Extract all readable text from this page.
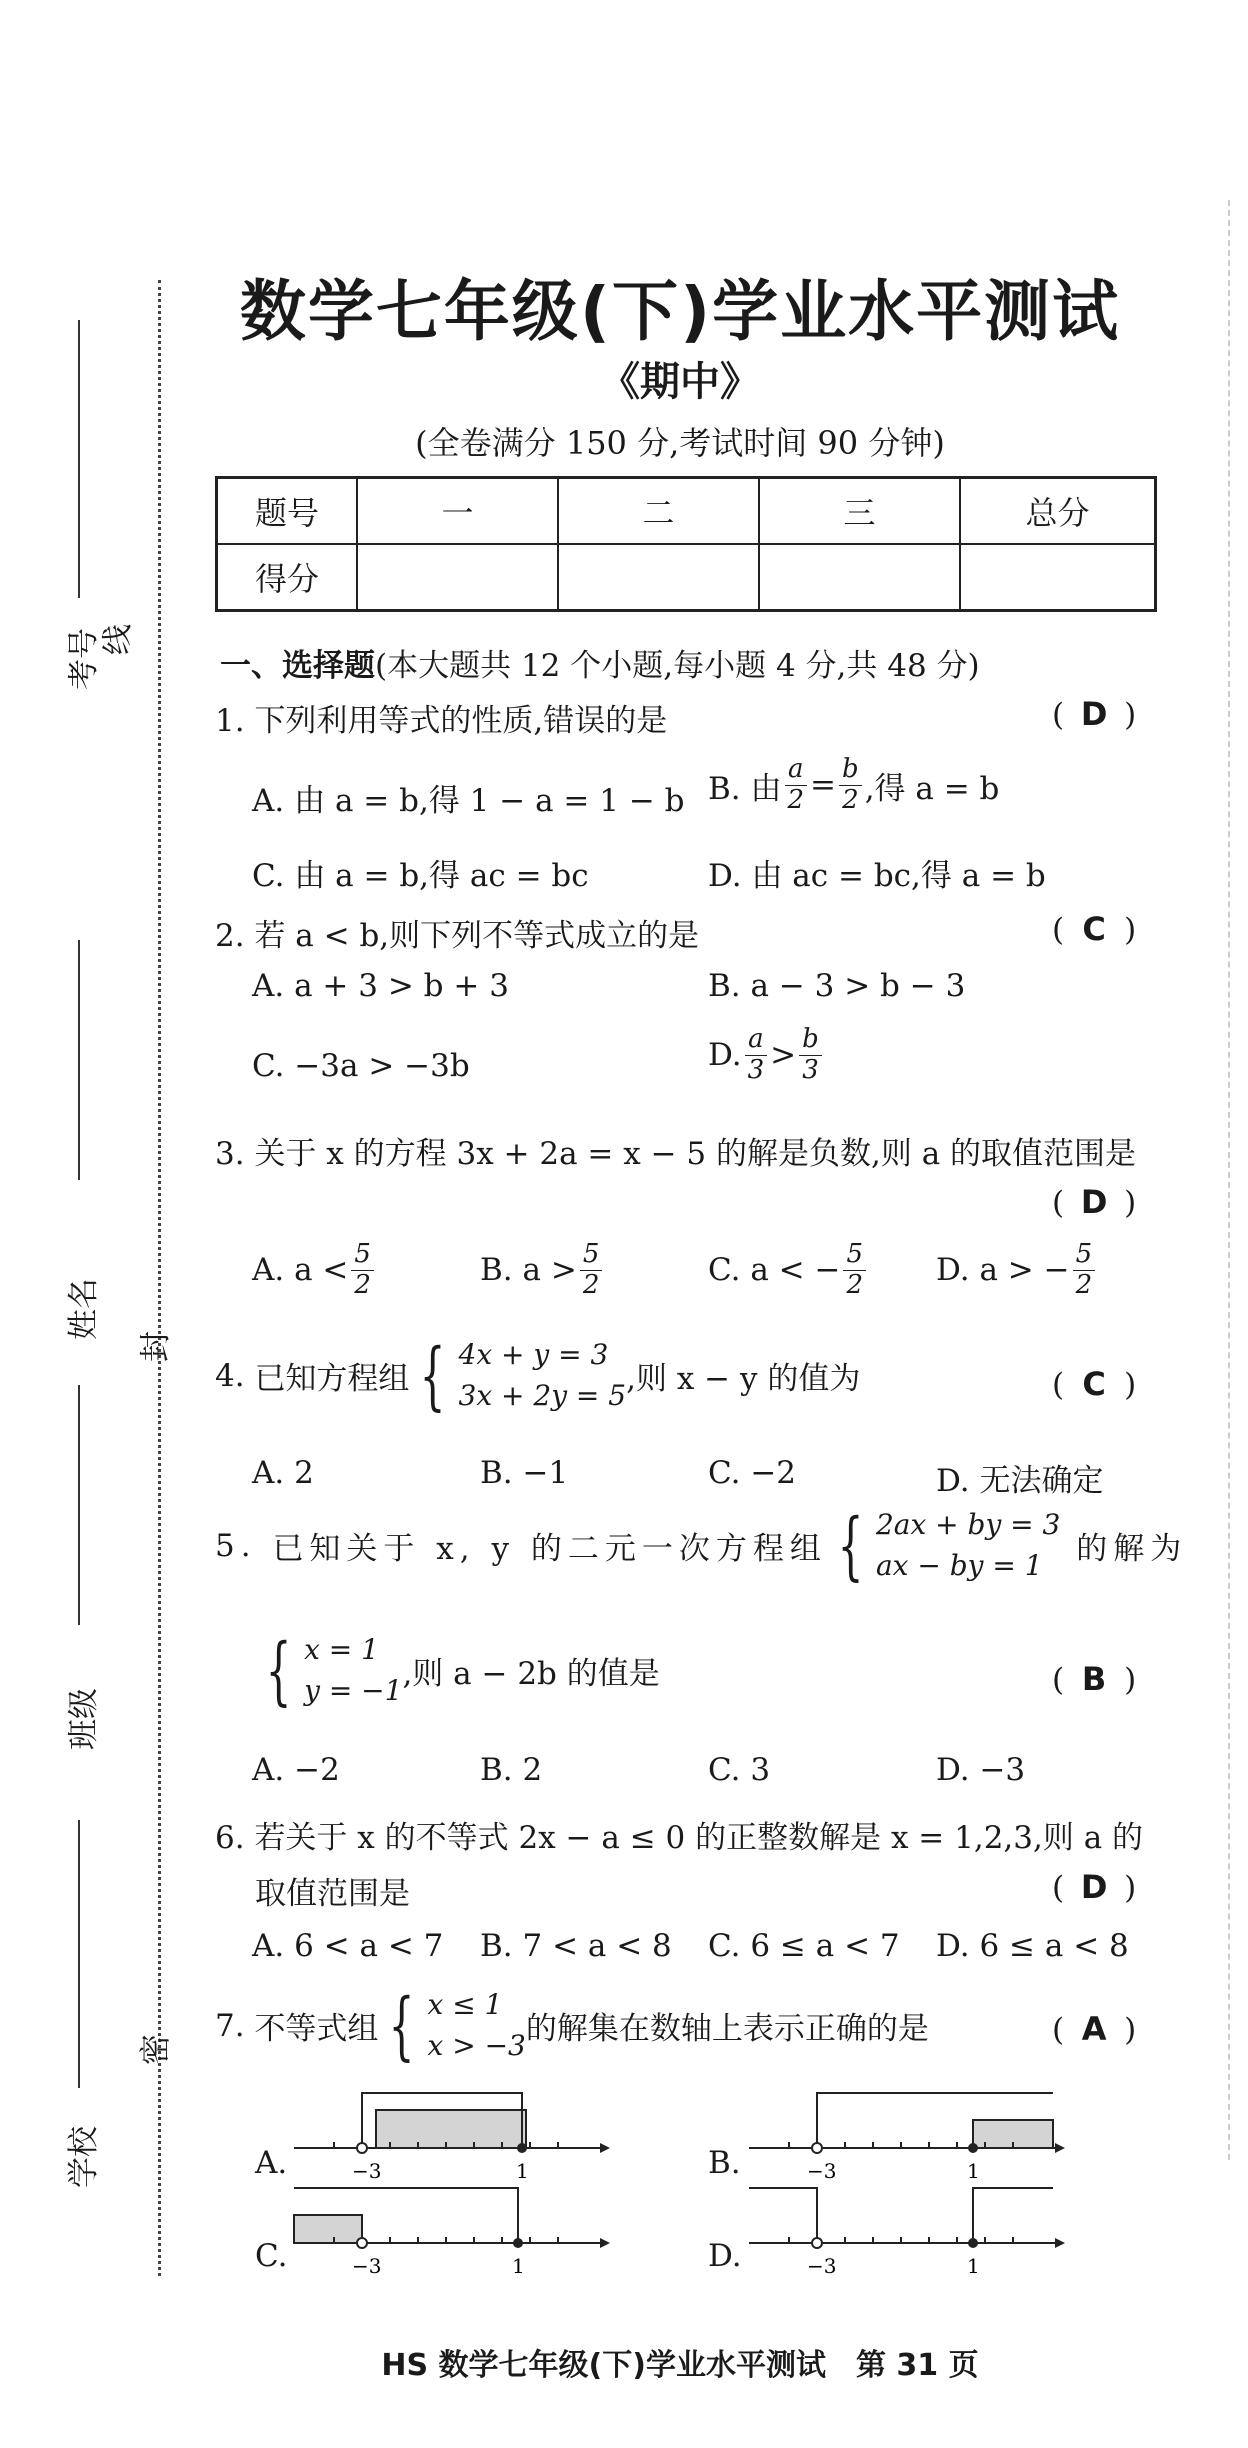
考号
线
姓名
封
班级
学校
密
数学七年级(下)学业水平测试
《期中》
(全卷满分 150 分,考试时间 90 分钟)
题号	一	二	三	总分
得分				
一、选择题(本大题共 12 个小题,每小题 4 分,共 48 分)
1. 下列利用等式的性质,错误的是	( D )
A. 由 a = b,得 1 − a = 1 − b B. 由 $\frac{a}{2} = \frac{b}{2}$ ,得 a = b
C. 由 a = b,得 ac = bc	D. 由 ac = bc,得 a = b
2. 若 a < b,则下列不等式成立的是	( C )
A. a + 3 > b + 3	B. a − 3 > b − 3
C. −3a > −3b	D. $\frac{a}{3} > \frac{b}{3}$
3. 关于 x 的方程 3x + 2a = x − 5 的解是负数,则 a 的取值范围是
( D )
A. $a < \frac{5}{2}$	B. $a > \frac{5}{2}$	C. a < − $\frac{5}{2} D$. a > − $\frac{5}{2}$
4.
已知方程组 { 4x + y = 3
3x + 2y = 5 ,则 x − y 的值为	( C )
A. 2	B. −1	C. −2	D. 无法确定
5.
已知关于 x, y 的二元一次方程组 { 2ax + by = 3
ax − by = 1
	的解为
{ x = 1
y = −1 ,则 a − 2b 的值是	( B )
A. −2	B. 2	C. 3	D. −3
6. 若关于 x 的不等式 2x − a ≤ 0 的正整数解是 x = 1,2,3,则 a 的
取值范围是	( D )
A. 6 < a < 7 B. 7 < a < 8 C. 6 ≤ a < 7 D. 6 ≤ a < 8
7.
不等式组 { x ≤ 1
x > −3 的解集在数轴上表示正确的是	( A )
A.	−3	1	B.	−3	1
C.	−3	1	D.	−3	1
HS 数学七年级(下)学业水平测试　第 31 页
